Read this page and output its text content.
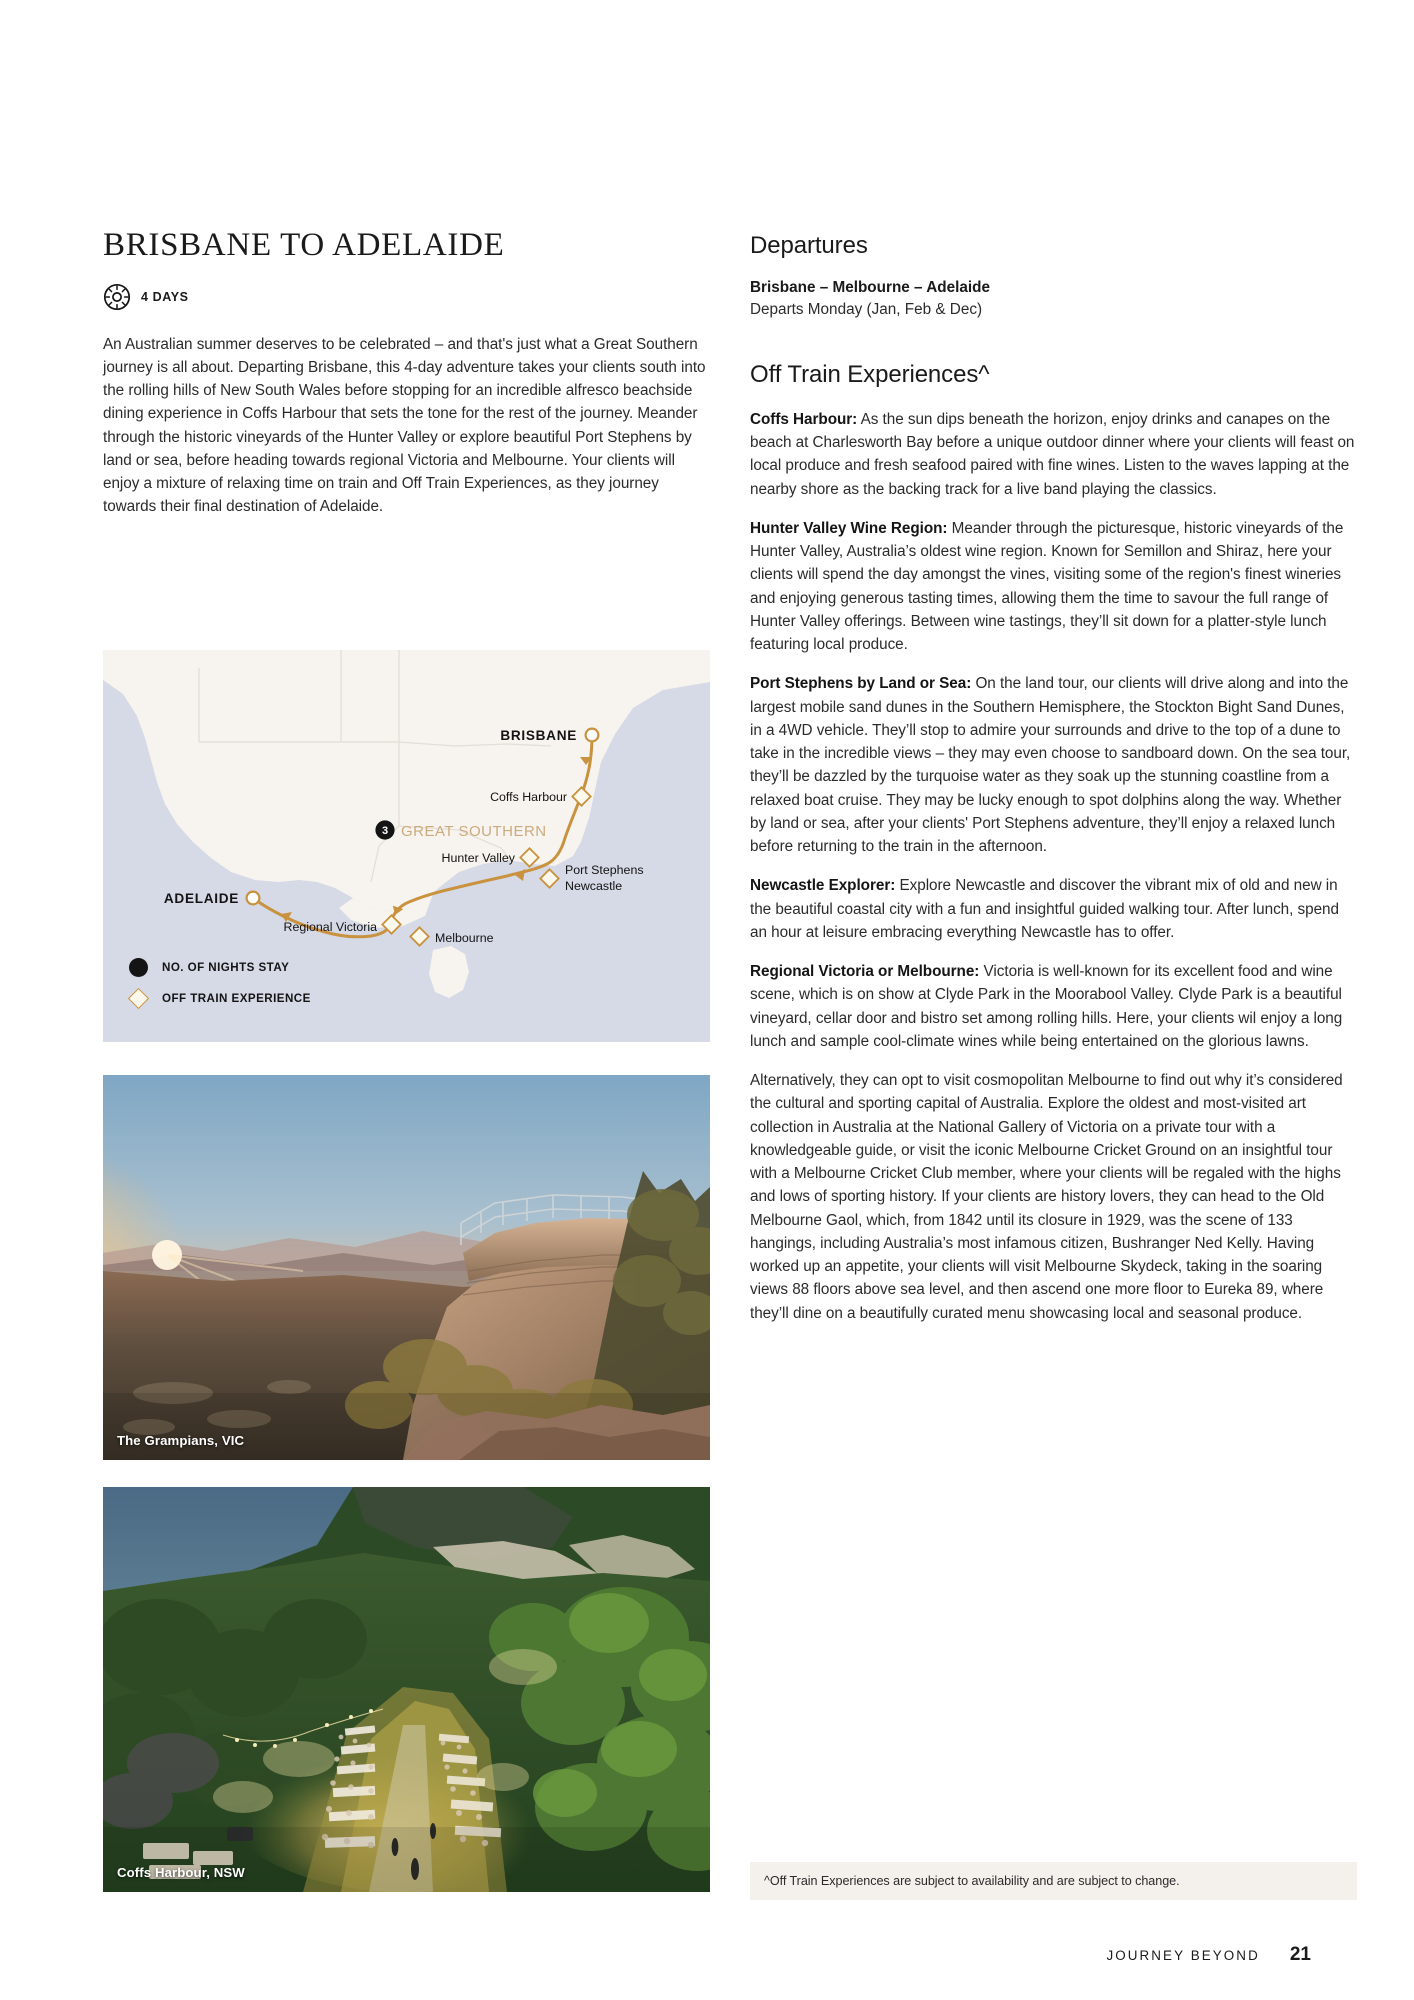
BRISBANE TO ADELAIDE
4 DAYS

An Australian summer deserves to be celebrated – and that's just what a Great Southern journey is all about. Departing Brisbane, this 4-day adventure takes your clients south into the rolling hills of New South Wales before stopping for an incredible alfresco beachside dining experience in Coffs Harbour that sets the tone for the rest of the journey. Meander through the historic vineyards of the Hunter Valley or explore beautiful Port Stephens by land or sea, before heading towards regional Victoria and Melbourne. Your clients will enjoy a mixture of relaxing time on train and Off Train Experiences, as they journey towards their final destination of Adelaide.

BRISBANE
Coffs Harbour
3 GREAT SOUTHERN
Hunter Valley
Port Stephens
Newcastle
ADELAIDE
Regional Victoria
Melbourne
NO. OF NIGHTS STAY
OFF TRAIN EXPERIENCE
The Grampians, VIC
Coffs Harbour, NSW
Departures
Brisbane – Melbourne – Adelaide
Departs Monday (Jan, Feb & Dec)
Off Train Experiences^

Coffs Harbour: As the sun dips beneath the horizon, enjoy drinks and canapes on the beach at Charlesworth Bay before a unique outdoor dinner where your clients will feast on local produce and fresh seafood paired with fine wines. Listen to the waves lapping at the nearby shore as the backing track for a live band playing the classics.

Hunter Valley Wine Region: Meander through the picturesque, historic vineyards of the Hunter Valley, Australia’s oldest wine region. Known for Semillon and Shiraz, here your clients will spend the day amongst the vines, visiting some of the region's finest wineries and enjoying generous tasting times, allowing them the time to savour the full range of Hunter Valley offerings. Between wine tastings, they’ll sit down for a platter-style lunch featuring local produce.

Port Stephens by Land or Sea: On the land tour, our clients will drive along and into the largest mobile sand dunes in the Southern Hemisphere, the Stockton Bight Sand Dunes, in a 4WD vehicle. They’ll stop to admire your surrounds and drive to the top of a dune to take in the incredible views – they may even choose to sandboard down. On the sea tour, they’ll be dazzled by the turquoise water as they soak up the stunning coastline from a relaxed boat cruise. They may be lucky enough to spot dolphins along the way. Whether by land or sea, after your clients' Port Stephens adventure, they’ll enjoy a relaxed lunch before returning to the train in the afternoon.

Newcastle Explorer: Explore Newcastle and discover the vibrant mix of old and new in the beautiful coastal city with a fun and insightful guided walking tour. After lunch, spend an hour at leisure embracing everything Newcastle has to offer.

Regional Victoria or Melbourne: Victoria is well-known for its excellent food and wine scene, which is on show at Clyde Park in the Moorabool Valley. Clyde Park is a beautiful vineyard, cellar door and bistro set among rolling hills. Here, your clients wil enjoy a long lunch and sample cool-climate wines while being entertained on the glorious lawns.

Alternatively, they can opt to visit cosmopolitan Melbourne to find out why it’s considered the cultural and sporting capital of Australia. Explore the oldest and most-visited art collection in Australia at the National Gallery of Victoria on a private tour with a knowledgeable guide, or visit the iconic Melbourne Cricket Ground on an insightful tour with a Melbourne Cricket Club member, where your clients will be regaled with the highs and lows of sporting history. If your clients are history lovers, they can head to the Old Melbourne Gaol, which, from 1842 until its closure in 1929, was the scene of 133 hangings, including Australia’s most infamous citizen, Bushranger Ned Kelly. Having worked up an appetite, your clients will visit Melbourne Skydeck, taking in the soaring views 88 floors above sea level, and then ascend one more floor to Eureka 89, where they’ll dine on a beautifully curated menu showcasing local and seasonal produce.

^Off Train Experiences are subject to availability and are subject to change.
JOURNEY BEYOND 21
